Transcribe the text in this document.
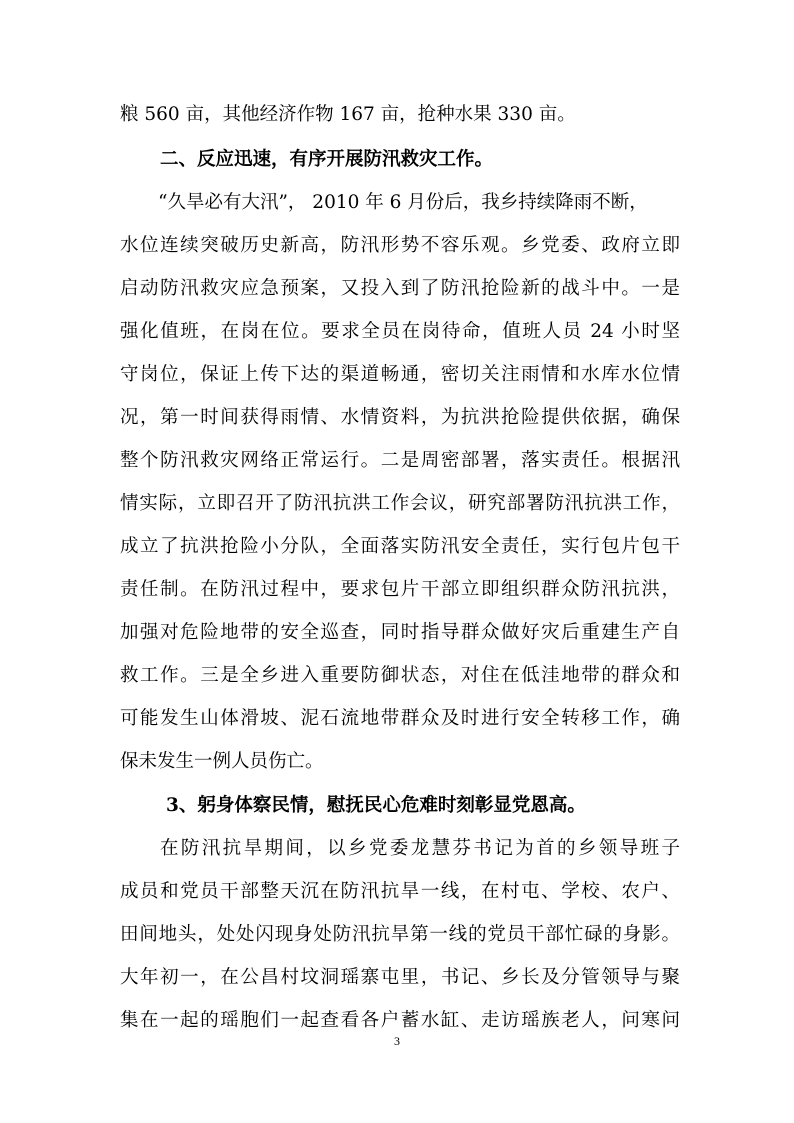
粮 560 亩，其他经济作物 167 亩，抢种水果 330 亩。
二、反应迅速，有序开展防汛救灾工作。
“久旱必有大汛”， 2010 年 6 月份后，我乡持续降雨不断，
水位连续突破历史新高，防汛形势不容乐观。乡党委、政府立即
启动防汛救灾应急预案，又投入到了防汛抢险新的战斗中。一是
强化值班，在岗在位。要求全员在岗待命，值班人员 24 小时坚
守岗位，保证上传下达的渠道畅通，密切关注雨情和水库水位情
况，第一时间获得雨情、水情资料，为抗洪抢险提供依据，确保
整个防汛救灾网络正常运行。二是周密部署，落实责任。根据汛
情实际，立即召开了防汛抗洪工作会议，研究部署防汛抗洪工作，
成立了抗洪抢险小分队，全面落实防汛安全责任，实行包片包干
责任制。在防汛过程中，要求包片干部立即组织群众防汛抗洪，
加强对危险地带的安全巡查，同时指导群众做好灾后重建生产自
救工作。三是全乡进入重要防御状态，对住在低洼地带的群众和
可能发生山体滑坡、泥石流地带群众及时进行安全转移工作，确
保未发生一例人员伤亡。
3、躬身体察民情，慰抚民心危难时刻彰显党恩高。
在防汛抗旱期间，以乡党委龙慧芬书记为首的乡领导班子
成员和党员干部整天沉在防汛抗旱一线，在村屯、学校、农户、
田间地头，处处闪现身处防汛抗旱第一线的党员干部忙碌的身影。
大年初一，在公昌村坟洞瑶寨屯里，书记、乡长及分管领导与聚
集在一起的瑶胞们一起查看各户蓄水缸、走访瑶族老人，问寒问
3
